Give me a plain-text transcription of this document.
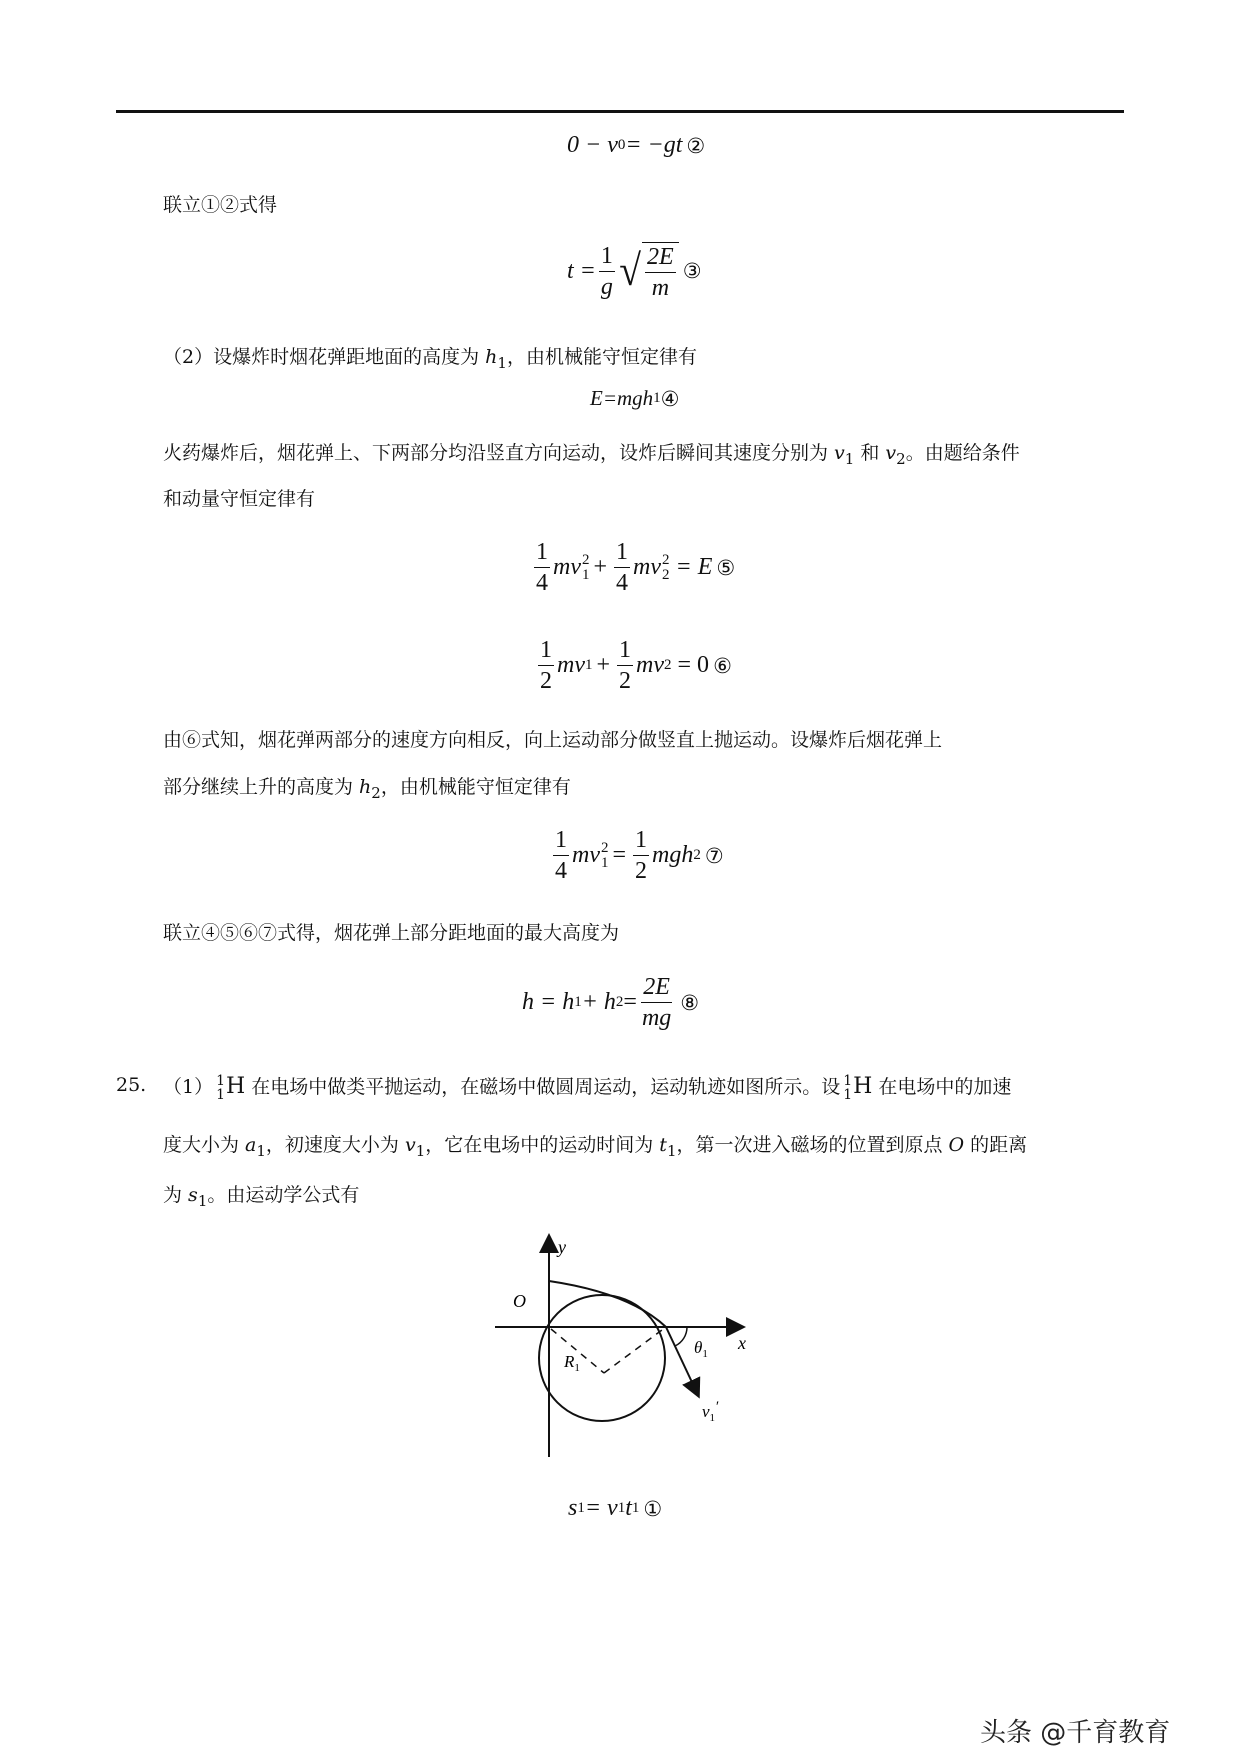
0 − v 0 = −gt ②
联立①②式得
$t = \frac{1}{g}$ √ $\frac{2E}{m}$ ③
（2）设爆炸时烟花弹距地面的高度为 $h_1$，由机械能守恒定律有
E=mgh 1 ④
火药爆炸后，烟花弹上、下两部分均沿竖直方向运动，设炸后瞬间其速度分别为 $v_1$ 和 $v_2$。由题给条件
和动量守恒定律有
$\frac{1}{4}$ mv 2
$1 + \frac{1}{4}$ mv 2
2 = E ⑤
$\frac{1}{2}$ mv $1 + \frac{1}{2}$ mv 2 = 0 ⑥
由⑥式知，烟花弹两部分的速度方向相反，向上运动部分做竖直上抛运动。设爆炸后烟花弹上
部分继续上升的高度为 $h_2$，由机械能守恒定律有
$\frac{1}{4}$ mv 2
$1 = \frac{1}{2}$ mgh 2 ⑦
联立④⑤⑥⑦式得，烟花弹上部分距地面的最大高度为
h = h 1 + h $2 = \frac{2E}{mg}$ ⑧
25. （1） 1
1 H 在电场中做类平抛运动，在磁场中做圆周运动，运动轨迹如图所示。设 1
1 H 在电场中的加速
度大小为 $a_1$，初速度大小为 $v_1$，它在电场中的运动时间为 $t_1$，第一次进入磁场的位置到原点 O 的距离
为 $s_1$。由运动学公式有
y
x
O
$R_1$
$\theta_1$
$v_1'$
s 1 = v 1 t 1 ①
头条 @千育教育
